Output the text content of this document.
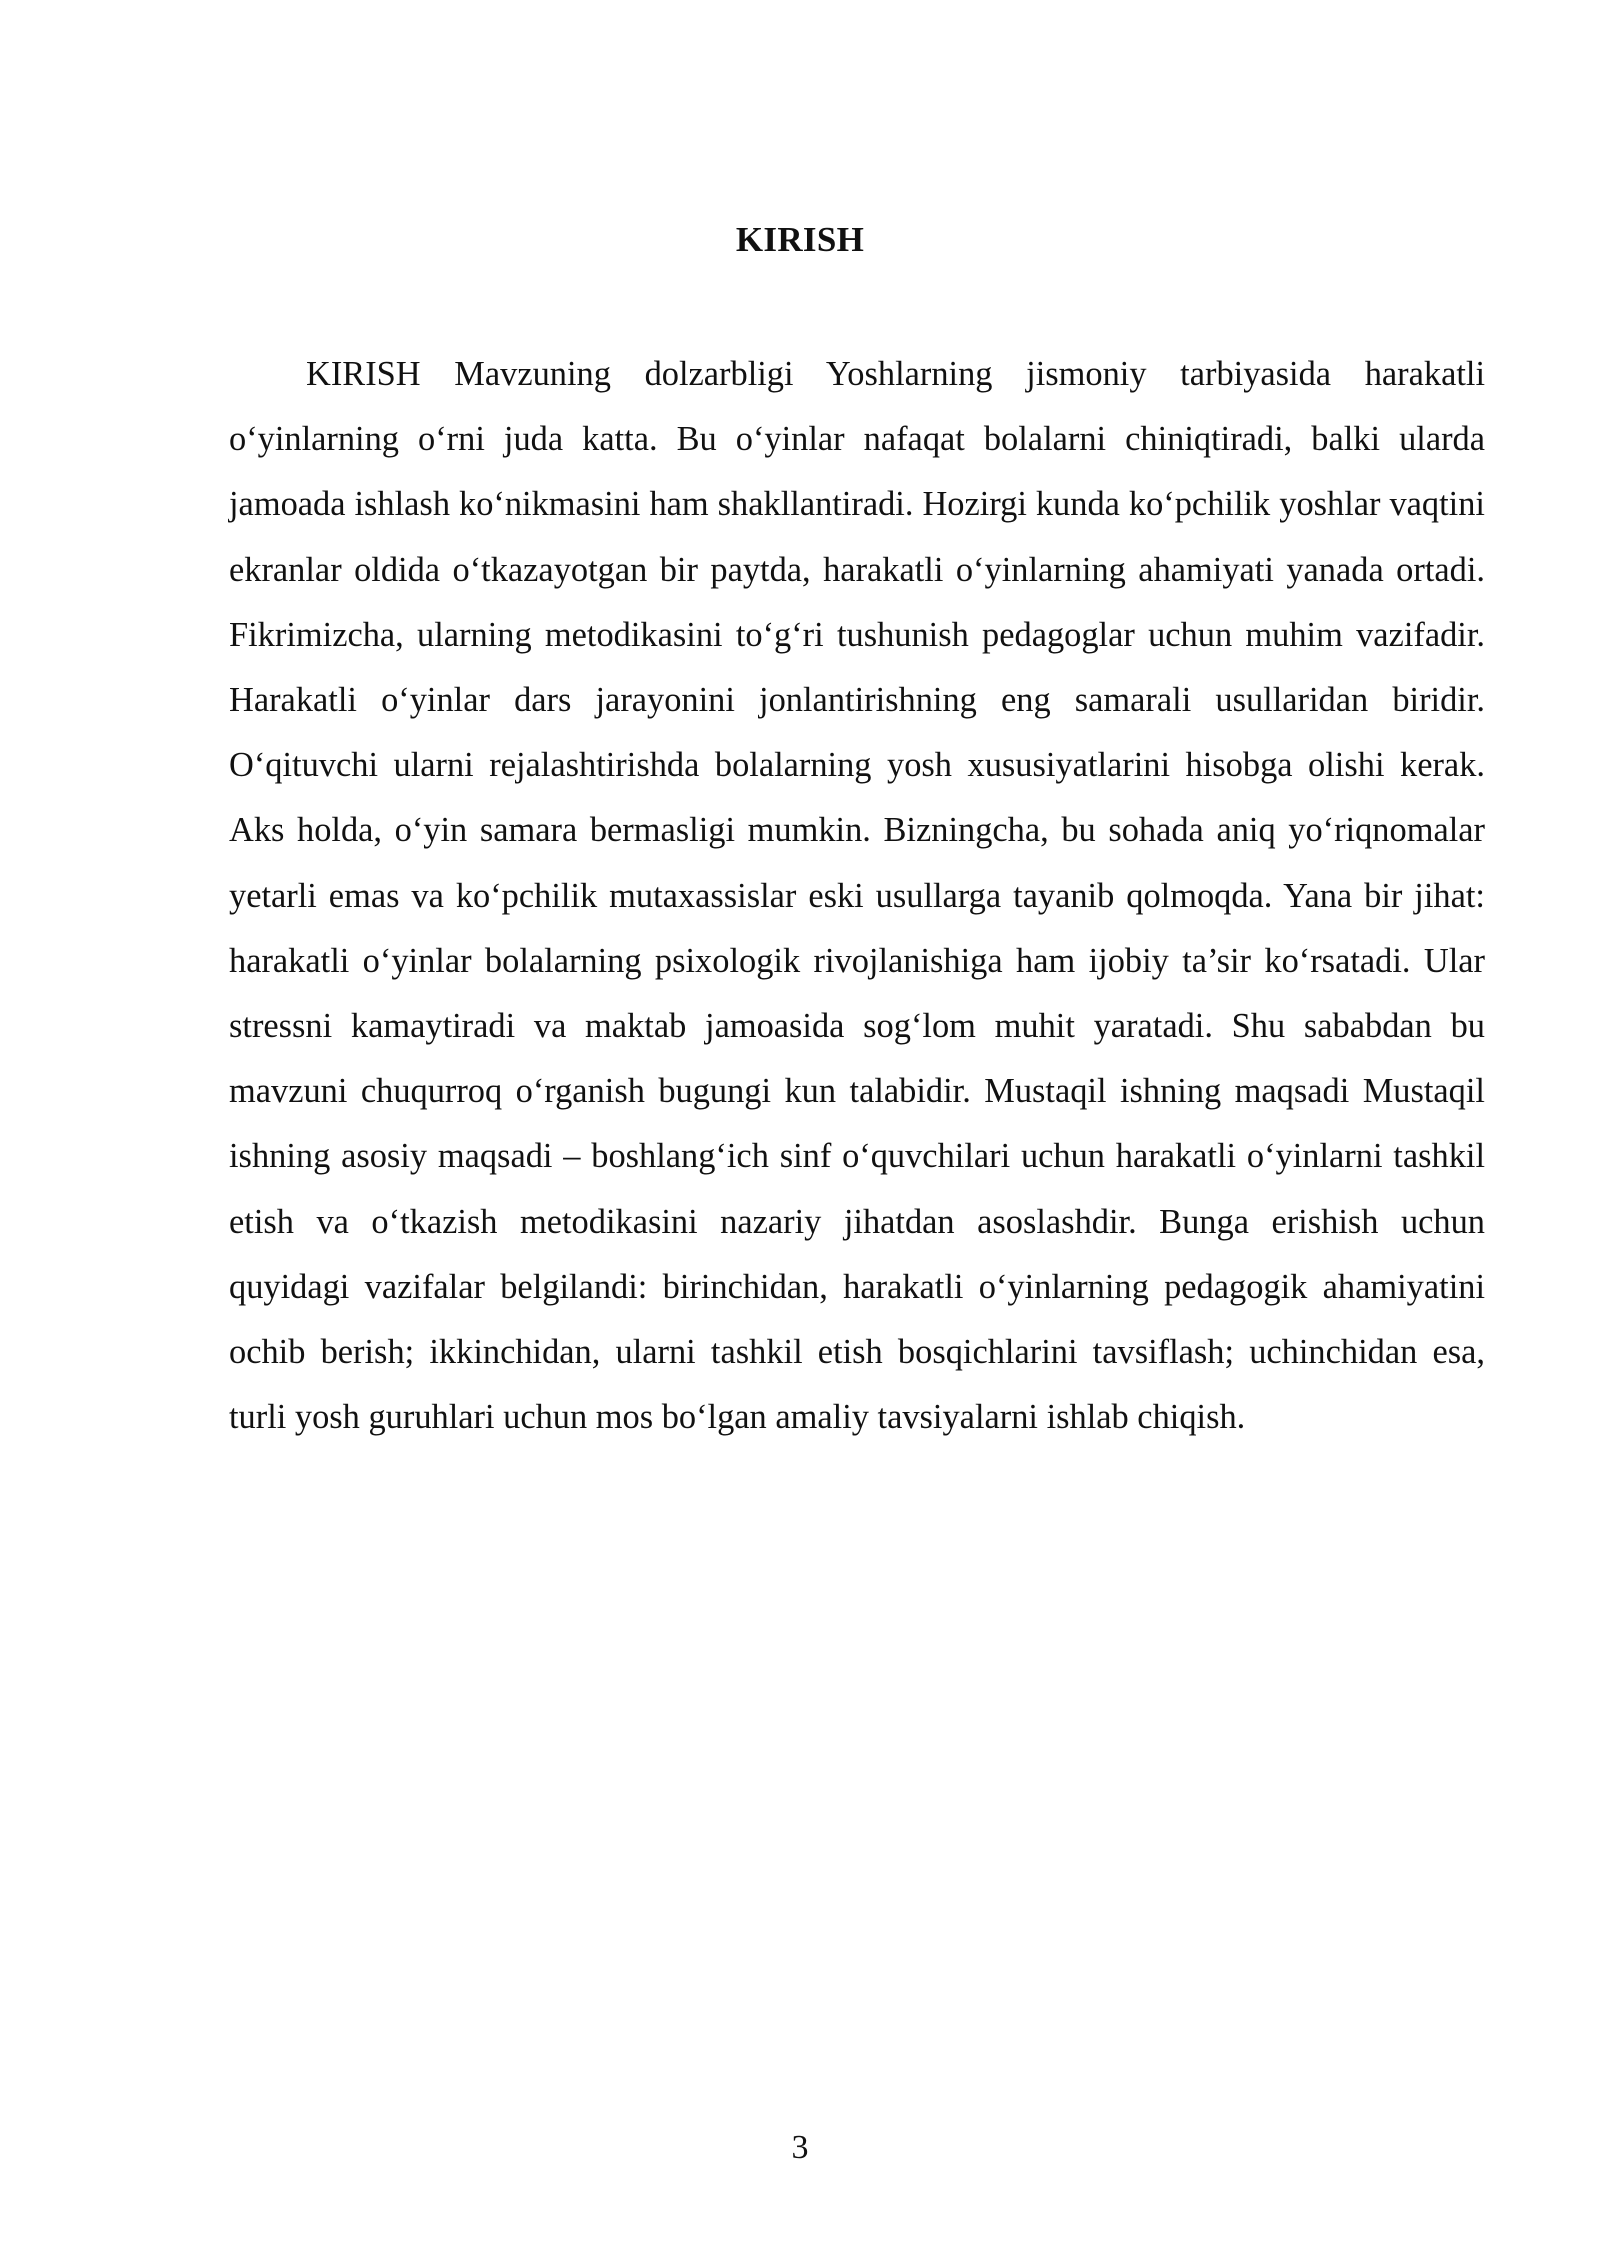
KIRISH

KIRISH Mavzuning dolzarbligi Yoshlarning jismoniy tarbiyasida harakatli o‘yinlarning o‘rni juda katta. Bu o‘yinlar nafaqat bolalarni chiniqtiradi, balki ularda jamoada ishlash ko‘nikmasini ham shakllantiradi. Hozirgi kunda ko‘pchilik yoshlar vaqtini ekranlar oldida o‘tkazayotgan bir paytda, harakatli o‘yinlarning ahamiyati yanada ortadi. Fikrimizcha, ularning metodikasini to‘g‘ri tushunish pedagoglar uchun muhim vazifadir. Harakatli o‘yinlar dars jarayonini jonlantirishning eng samarali usullaridan biridir. O‘qituvchi ularni rejalashtirishda bolalarning yosh xususiyatlarini hisobga olishi kerak. Aks holda, o‘yin samara bermasligi mumkin. Bizningcha, bu sohada aniq yo‘riqnomalar yetarli emas va ko‘pchilik mutaxassislar eski usullarga tayanib qolmoqda. Yana bir jihat: harakatli o‘yinlar bolalarning psixologik rivojlanishiga ham ijobiy ta’sir ko‘rsatadi. Ular stressni kamaytiradi va maktab jamoasida sog‘lom muhit yaratadi. Shu sababdan bu mavzuni chuqurroq o‘rganish bugungi kun talabidir. Mustaqil ishning maqsadi Mustaqil ishning asosiy maqsadi – boshlang‘ich sinf o‘quvchilari uchun harakatli o‘yinlarni tashkil etish va o‘tkazish metodikasini nazariy jihatdan asoslashdir. Bunga erishish uchun quyidagi vazifalar belgilandi: birinchidan, harakatli o‘yinlarning pedagogik ahamiyatini ochib berish; ikkinchidan, ularni tashkil etish bosqichlarini tavsiflash; uchinchidan esa, turli yosh guruhlari uchun mos bo‘lgan amaliy tavsiyalarni ishlab chiqish.

3
